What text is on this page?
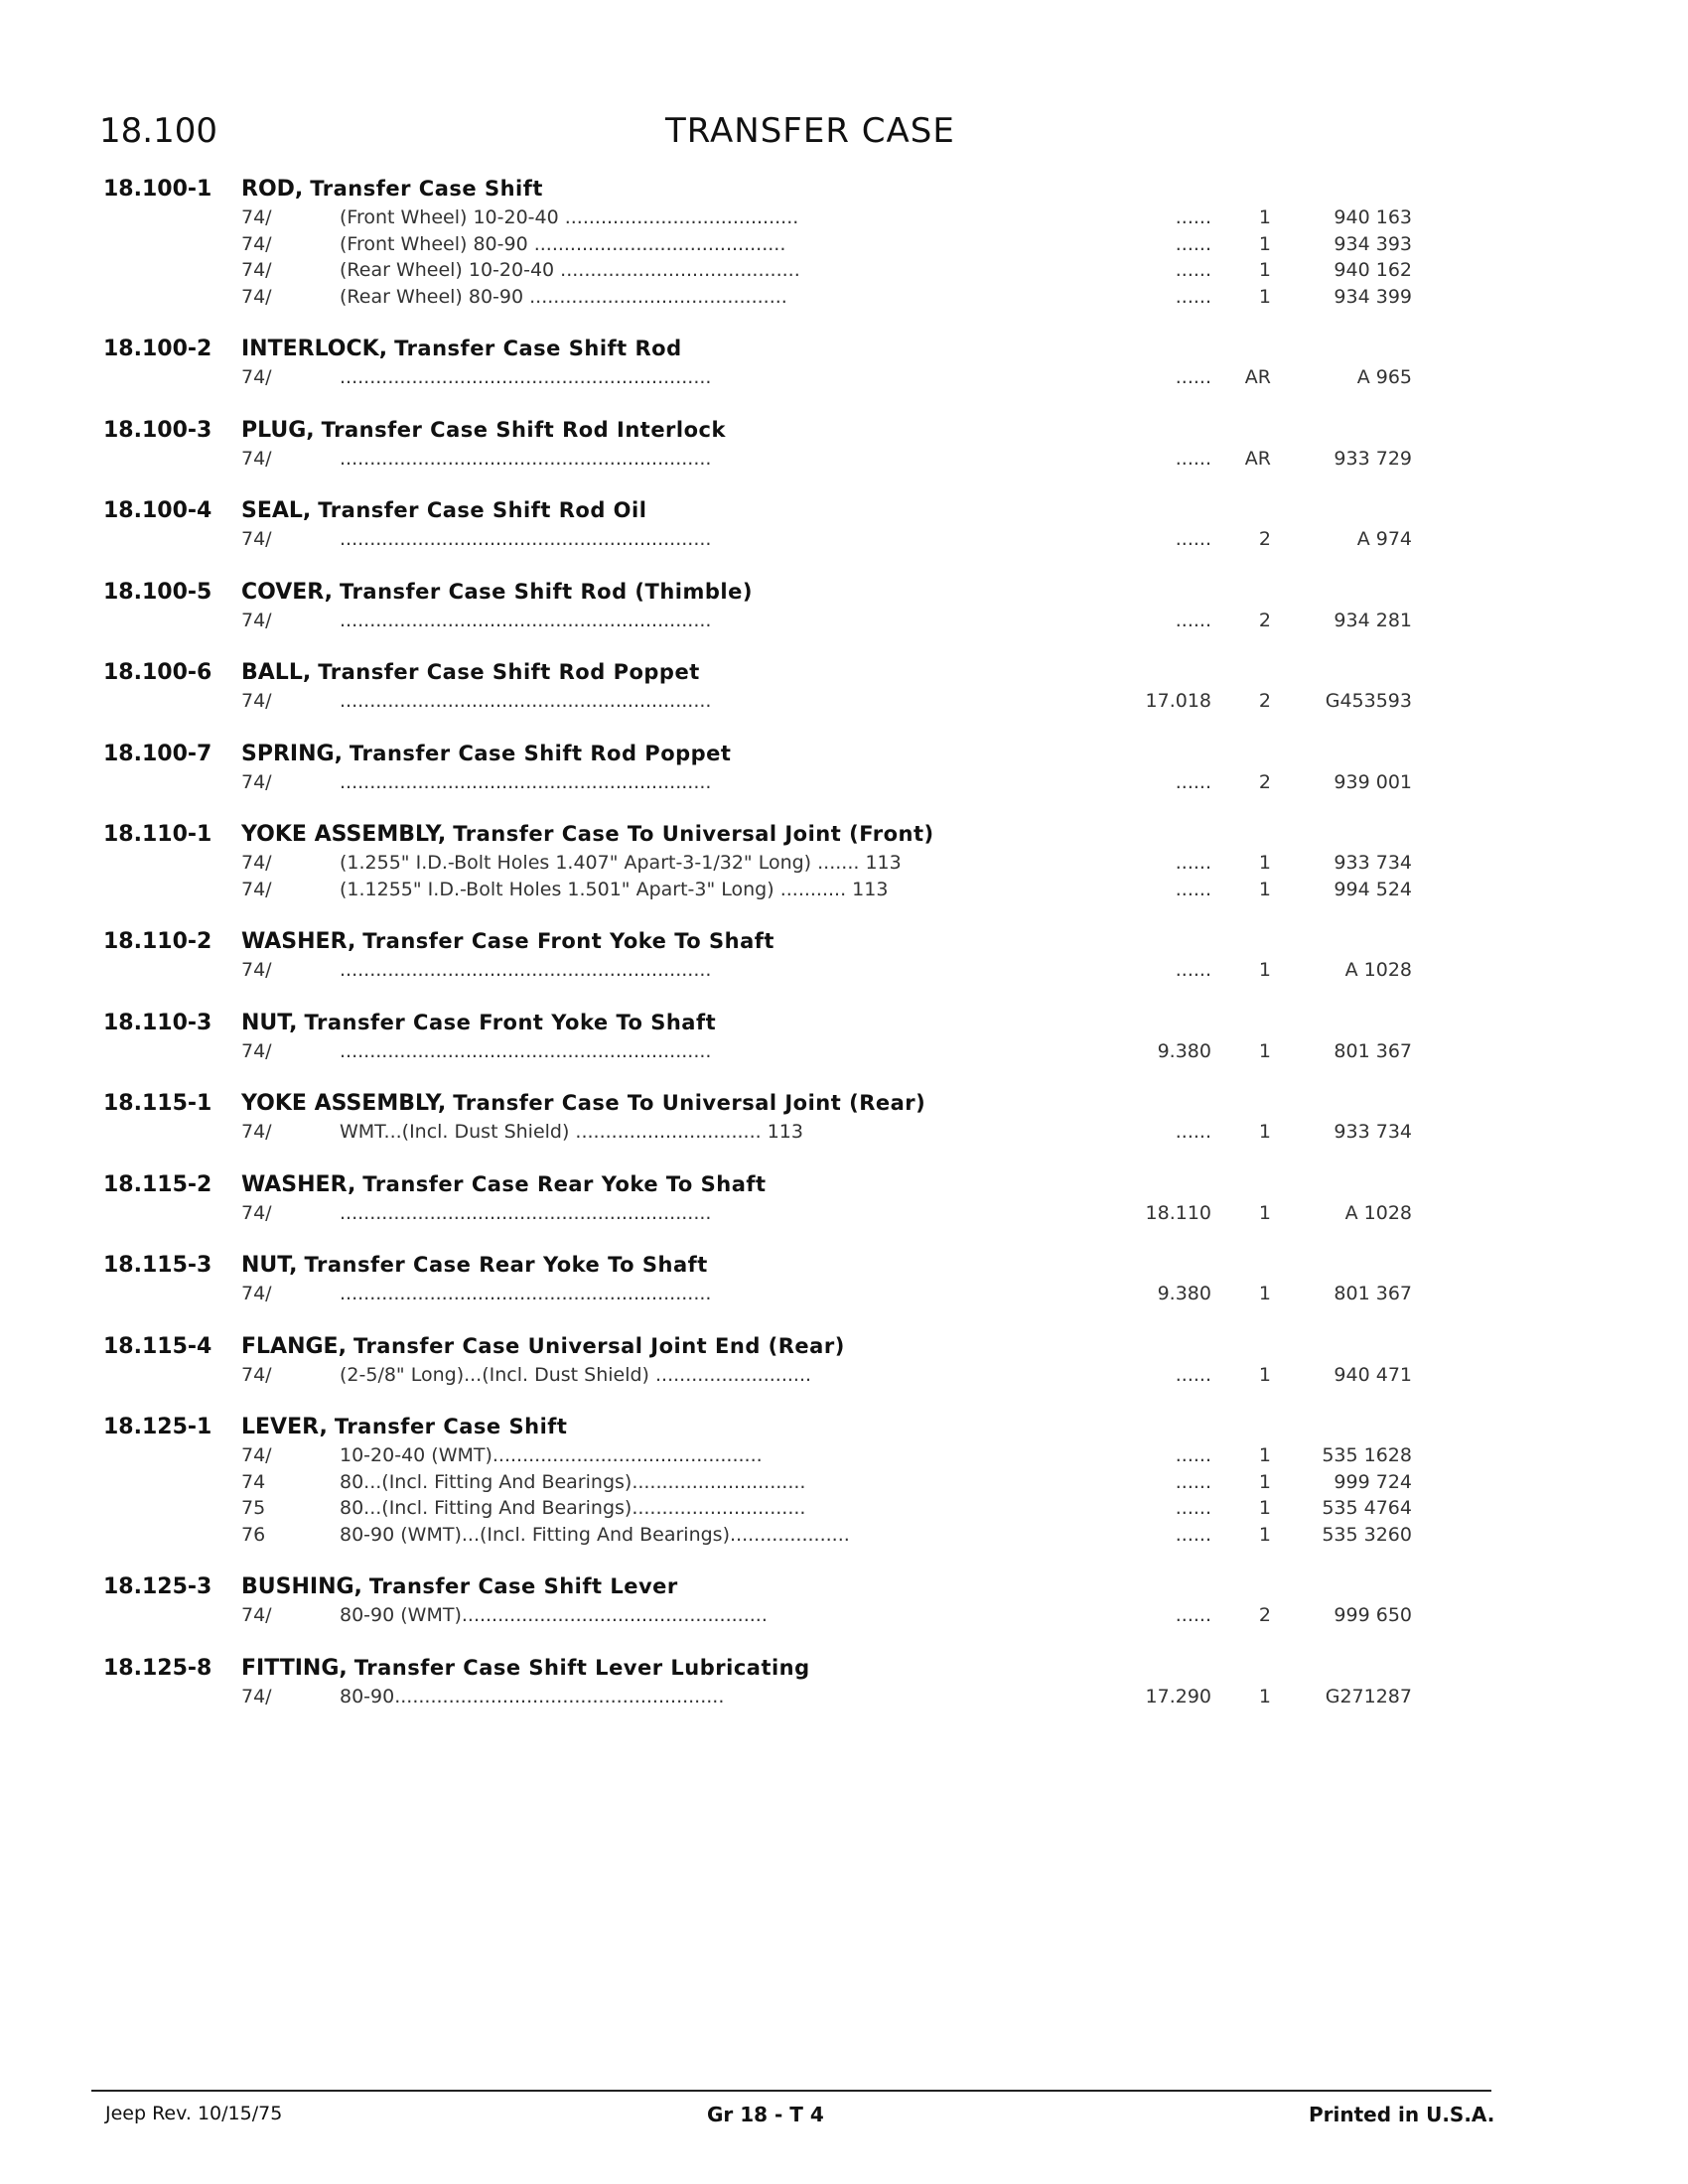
18.100	TRANSFER CASE
18.100-1 ROD, Transfer Case Shift
74/	(Front Wheel) 10-20-40 .......................................	......	1	940 163
74/	(Front Wheel) 80-90 ..........................................	......	1	934 393
74/	(Rear Wheel) 10-20-40 ........................................	......	1	940 162
74/	(Rear Wheel) 80-90 ...........................................	......	1	934 399
18.100-2 INTERLOCK, Transfer Case Shift Rod
74/	..............................................................	......	AR	A 965
18.100-3 PLUG, Transfer Case Shift Rod Interlock
74/	..............................................................	......	AR	933 729
18.100-4 SEAL, Transfer Case Shift Rod Oil
74/	..............................................................	......	2	A 974
18.100-5 COVER, Transfer Case Shift Rod (Thimble)
74/	..............................................................	......	2	934 281
18.100-6 BALL, Transfer Case Shift Rod Poppet
74/	..............................................................	17.018	2	G453593
18.100-7 SPRING, Transfer Case Shift Rod Poppet
74/	..............................................................	......	2	939 001
18.110-1 YOKE ASSEMBLY, Transfer Case To Universal Joint (Front)
74/	(1.255" I.D.-Bolt Holes 1.407" Apart-3-1/32" Long) ....... 113	......	1	933 734
74/	(1.1255" I.D.-Bolt Holes 1.501" Apart-3" Long) ........... 113	......	1	994 524
18.110-2 WASHER, Transfer Case Front Yoke To Shaft
74/	..............................................................	......	1	A 1028
18.110-3 NUT, Transfer Case Front Yoke To Shaft
74/	..............................................................	9.380	1	801 367
18.115-1 YOKE ASSEMBLY, Transfer Case To Universal Joint (Rear)
74/	WMT...(Incl. Dust Shield) ............................... 113	......	1	933 734
18.115-2 WASHER, Transfer Case Rear Yoke To Shaft
74/	..............................................................	18.110	1	A 1028
18.115-3 NUT, Transfer Case Rear Yoke To Shaft
74/	..............................................................	9.380	1	801 367
18.115-4 FLANGE, Transfer Case Universal Joint End (Rear)
74/	(2-5/8" Long)...(Incl. Dust Shield) ..........................	......	1	940 471
18.125-1 LEVER, Transfer Case Shift
74/	10-20-40 (WMT).............................................	......	1	535 1628
74	80...(Incl. Fitting And Bearings).............................	......	1	999 724
75	80...(Incl. Fitting And Bearings).............................	......	1	535 4764
76	80-90 (WMT)...(Incl. Fitting And Bearings)....................	......	1	535 3260
18.125-3 BUSHING, Transfer Case Shift Lever
74/	80-90 (WMT)...................................................	......	2	999 650
18.125-8 FITTING, Transfer Case Shift Lever Lubricating
74/	80-90.......................................................	17.290	1	G271287
Jeep Rev. 10/15/75	Gr 18 - T 4	Printed in U.S.A.
